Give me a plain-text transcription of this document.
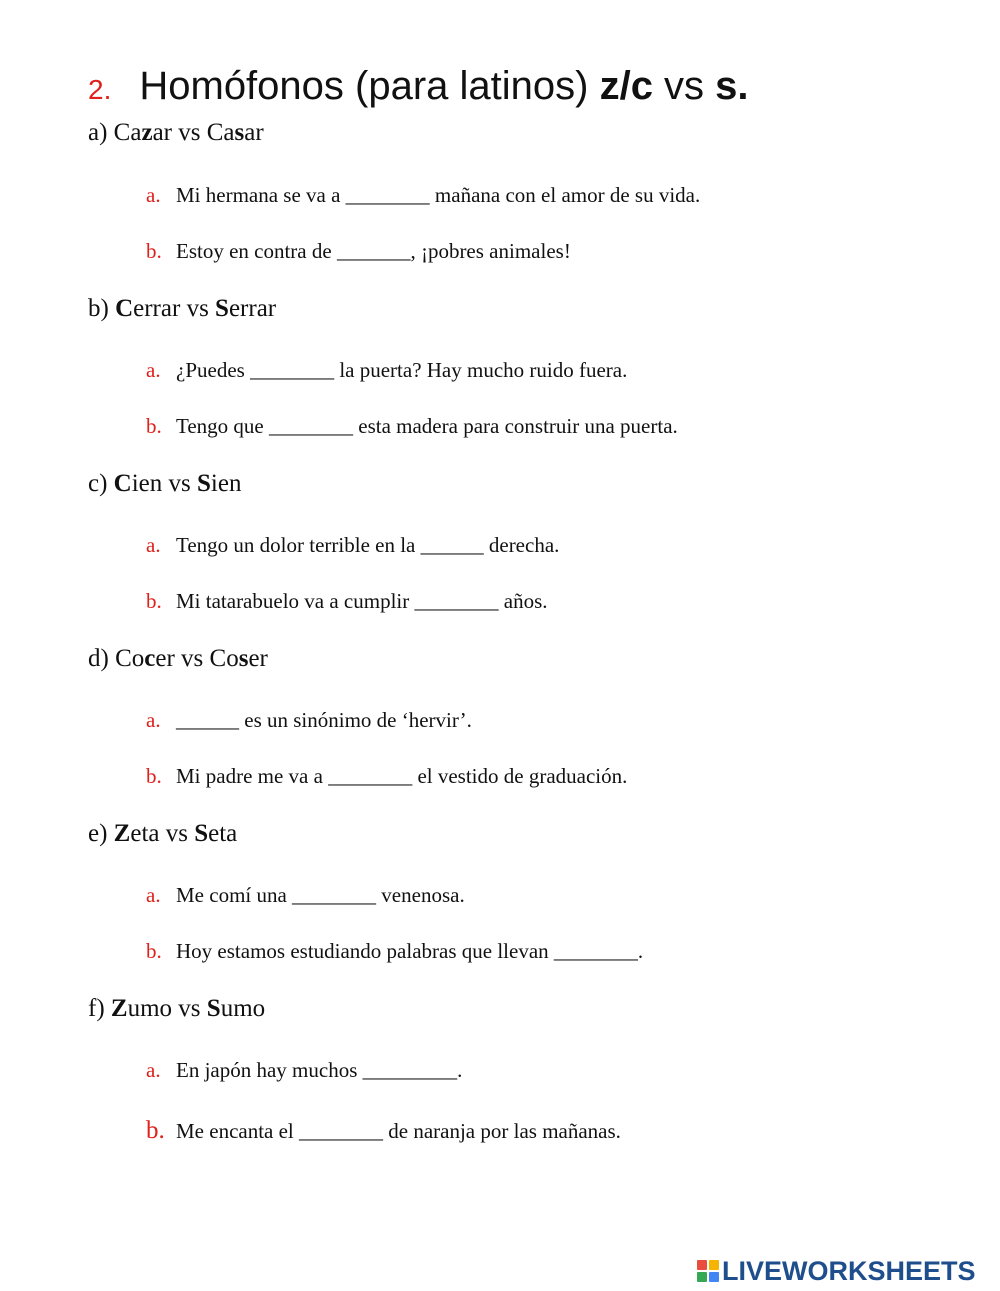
2. Homófonos (para latinos) z/c vs s.
a) Cazar vs Casar
a. Mi hermana se va a ________ mañana con el amor de su vida.
b. Estoy en contra de _______, ¡pobres animales!
b) Cerrar vs Serrar
a. ¿Puedes ________ la puerta? Hay mucho ruido fuera.
b. Tengo que ________ esta madera para construir una puerta.
c) Cien vs Sien
a. Tengo un dolor terrible en la ______ derecha.
b. Mi tatarabuelo va a cumplir ________ años.
d) Cocer vs Coser
a. ______ es un sinónimo de ‘hervir’.
b. Mi padre me va a ________ el vestido de graduación.
e) Zeta vs Seta
a. Me comí una ________ venenosa.
b. Hoy estamos estudiando palabras que llevan ________.
f) Zumo vs Sumo
a. En japón hay muchos _________.
b. Me encanta el ________ de naranja por las mañanas.
LIVEWORKSHEETS
